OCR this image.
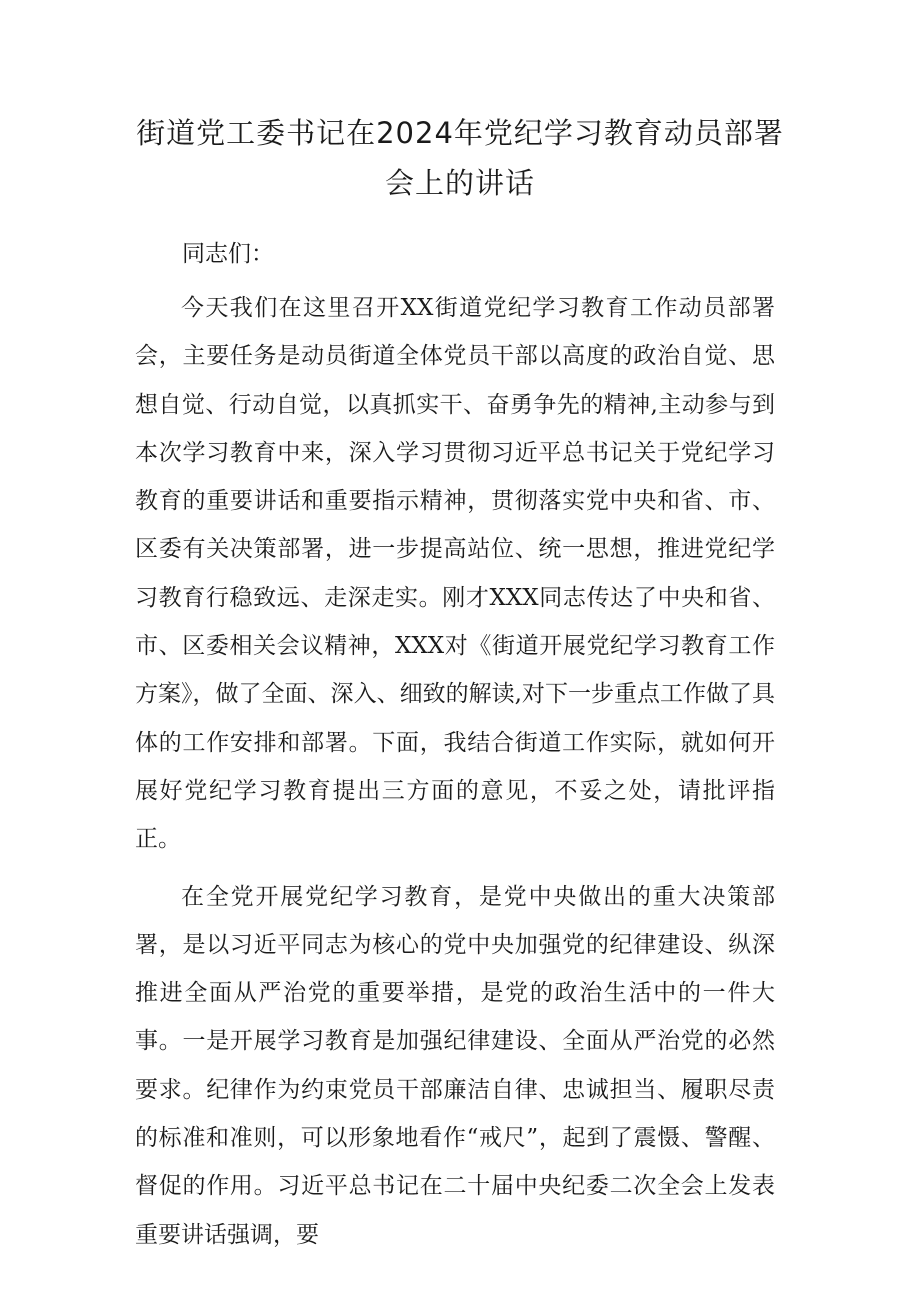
街道党工委书记在2024年党纪学习教育动员部署会上的讲话

同志们：

今天我们在这里召开XX街道党纪学习教育工作动员部署会，主要任务是动员街道全体党员干部以高度的政治自觉、思想自觉、行动自觉，以真抓实干、奋勇争先的精神,主动参与到本次学习教育中来，深入学习贯彻习近平总书记关于党纪学习教育的重要讲话和重要指示精神，贯彻落实党中央和省、市、区委有关决策部署，进一步提高站位、统一思想，推进党纪学习教育行稳致远、走深走实。刚才XXX同志传达了中央和省、市、区委相关会议精神，XXX对《街道开展党纪学习教育工作方案》，做了全面、深入、细致的解读,对下一步重点工作做了具体的工作安排和部署。下面，我结合街道工作实际，就如何开展好党纪学习教育提出三方面的意见，不妥之处，请批评指正。

在全党开展党纪学习教育，是党中央做出的重大决策部署，是以习近平同志为核心的党中央加强党的纪律建设、纵深推进全面从严治党的重要举措，是党的政治生活中的一件大事。一是开展学习教育是加强纪律建设、全面从严治党的必然要求。纪律作为约束党员干部廉洁自律、忠诚担当、履职尽责的标准和准则，可以形象地看作“戒尺”，起到了震慑、警醒、督促的作用。习近平总书记在二十届中央纪委二次全会上发表重要讲话强调，要
